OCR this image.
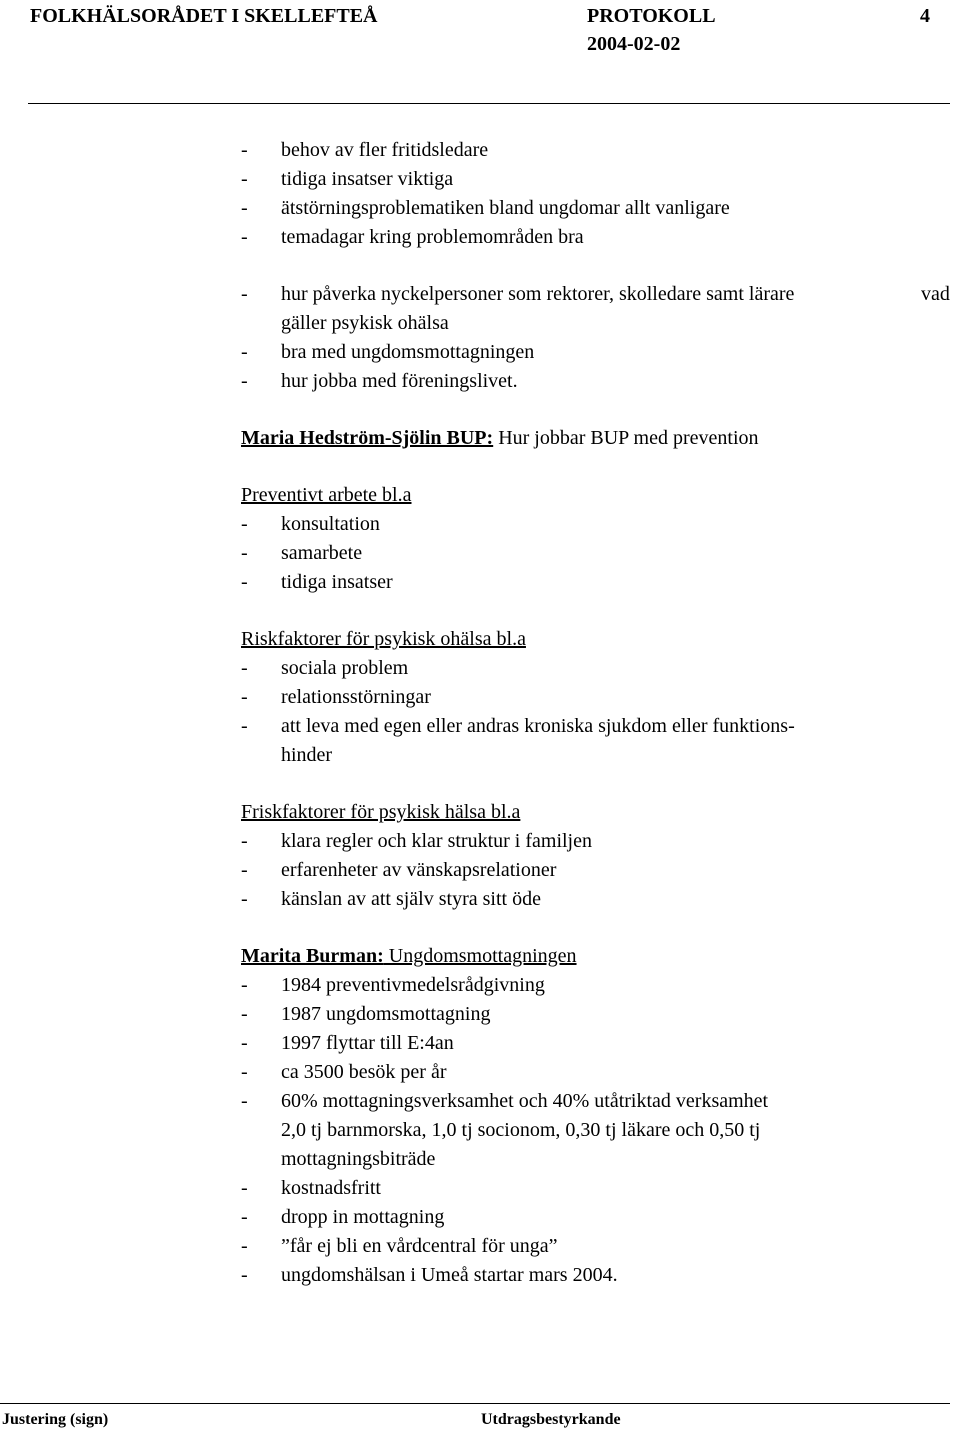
FOLKHÄLSORÅDET I SKELLEFTEÅ	PROTOKOLL	4
2004-02-02
- behov av fler fritidsledare
- tidiga insatser viktiga
- ätstörningsproblematiken bland ungdomar allt vanligare
- temadagar kring problemområden bra
- hur påverka nyckelpersoner som rektorer, skolledare samt lärare	vad
gäller psykisk ohälsa
- bra med ungdomsmottagningen
- hur jobba med föreningslivet.
Maria Hedström-Sjölin BUP: Hur jobbar BUP med prevention
Preventivt arbete bl.a
- konsultation
- samarbete
- tidiga insatser
Riskfaktorer för psykisk ohälsa bl.a
- sociala problem
- relationsstörningar
- att leva med egen eller andras kroniska sjukdom eller funktions-
hinder
Friskfaktorer för psykisk hälsa bl.a
- klara regler och klar struktur i familjen
- erfarenheter av vänskapsrelationer
- känslan av att själv styra sitt öde
Marita Burman: Ungdomsmottagningen
- 1984 preventivmedelsrådgivning
- 1987 ungdomsmottagning
- 1997 flyttar till E:4an
- ca 3500 besök per år
- 60% mottagningsverksamhet och 40% utåtriktad verksamhet
2,0 tj barnmorska, 1,0 tj socionom, 0,30 tj läkare och 0,50 tj
mottagningsbiträde
- kostnadsfritt
- dropp in mottagning
- ”får ej bli en vårdcentral för unga”
- ungdomshälsan i Umeå startar mars 2004.
Justering (sign)	Utdragsbestyrkande
